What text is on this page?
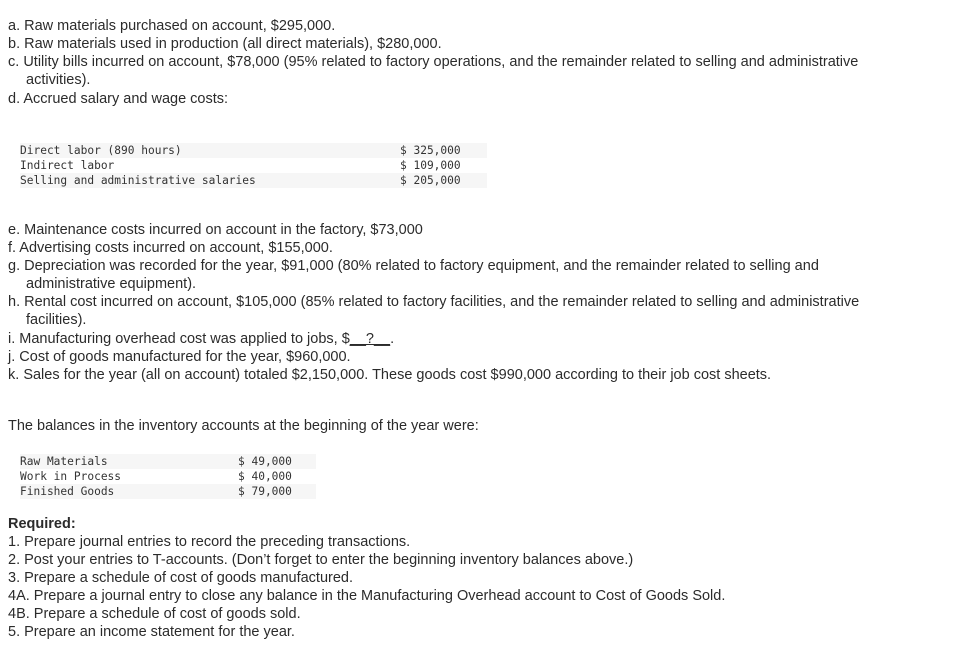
a. Raw materials purchased on account, $295,000.
b. Raw materials used in production (all direct materials), $280,000.
c. Utility bills incurred on account, $78,000 (95% related to factory operations, and the remainder related to selling and administrative
activities).
d. Accrued salary and wage costs:
Direct labor (890 hours)	$ 325,000
Indirect labor	$ 109,000
Selling and administrative salaries	$ 205,000
e. Maintenance costs incurred on account in the factory, $73,000
f. Advertising costs incurred on account, $155,000.
g. Depreciation was recorded for the year, $91,000 (80% related to factory equipment, and the remainder related to selling and
administrative equipment).
h. Rental cost incurred on account, $105,000 (85% related to factory facilities, and the remainder related to selling and administrative
facilities).
i. Manufacturing overhead cost was applied to jobs, $__?__.
j. Cost of goods manufactured for the year, $960,000.
k. Sales for the year (all on account) totaled $2,150,000. These goods cost $990,000 according to their job cost sheets.
The balances in the inventory accounts at the beginning of the year were:
Raw Materials	$ 49,000
Work in Process	$ 40,000
Finished Goods	$ 79,000
Required:
1. Prepare journal entries to record the preceding transactions.
2. Post your entries to T-accounts. (Don’t forget to enter the beginning inventory balances above.)
3. Prepare a schedule of cost of goods manufactured.
4A. Prepare a journal entry to close any balance in the Manufacturing Overhead account to Cost of Goods Sold.
4B. Prepare a schedule of cost of goods sold.
5. Prepare an income statement for the year.
